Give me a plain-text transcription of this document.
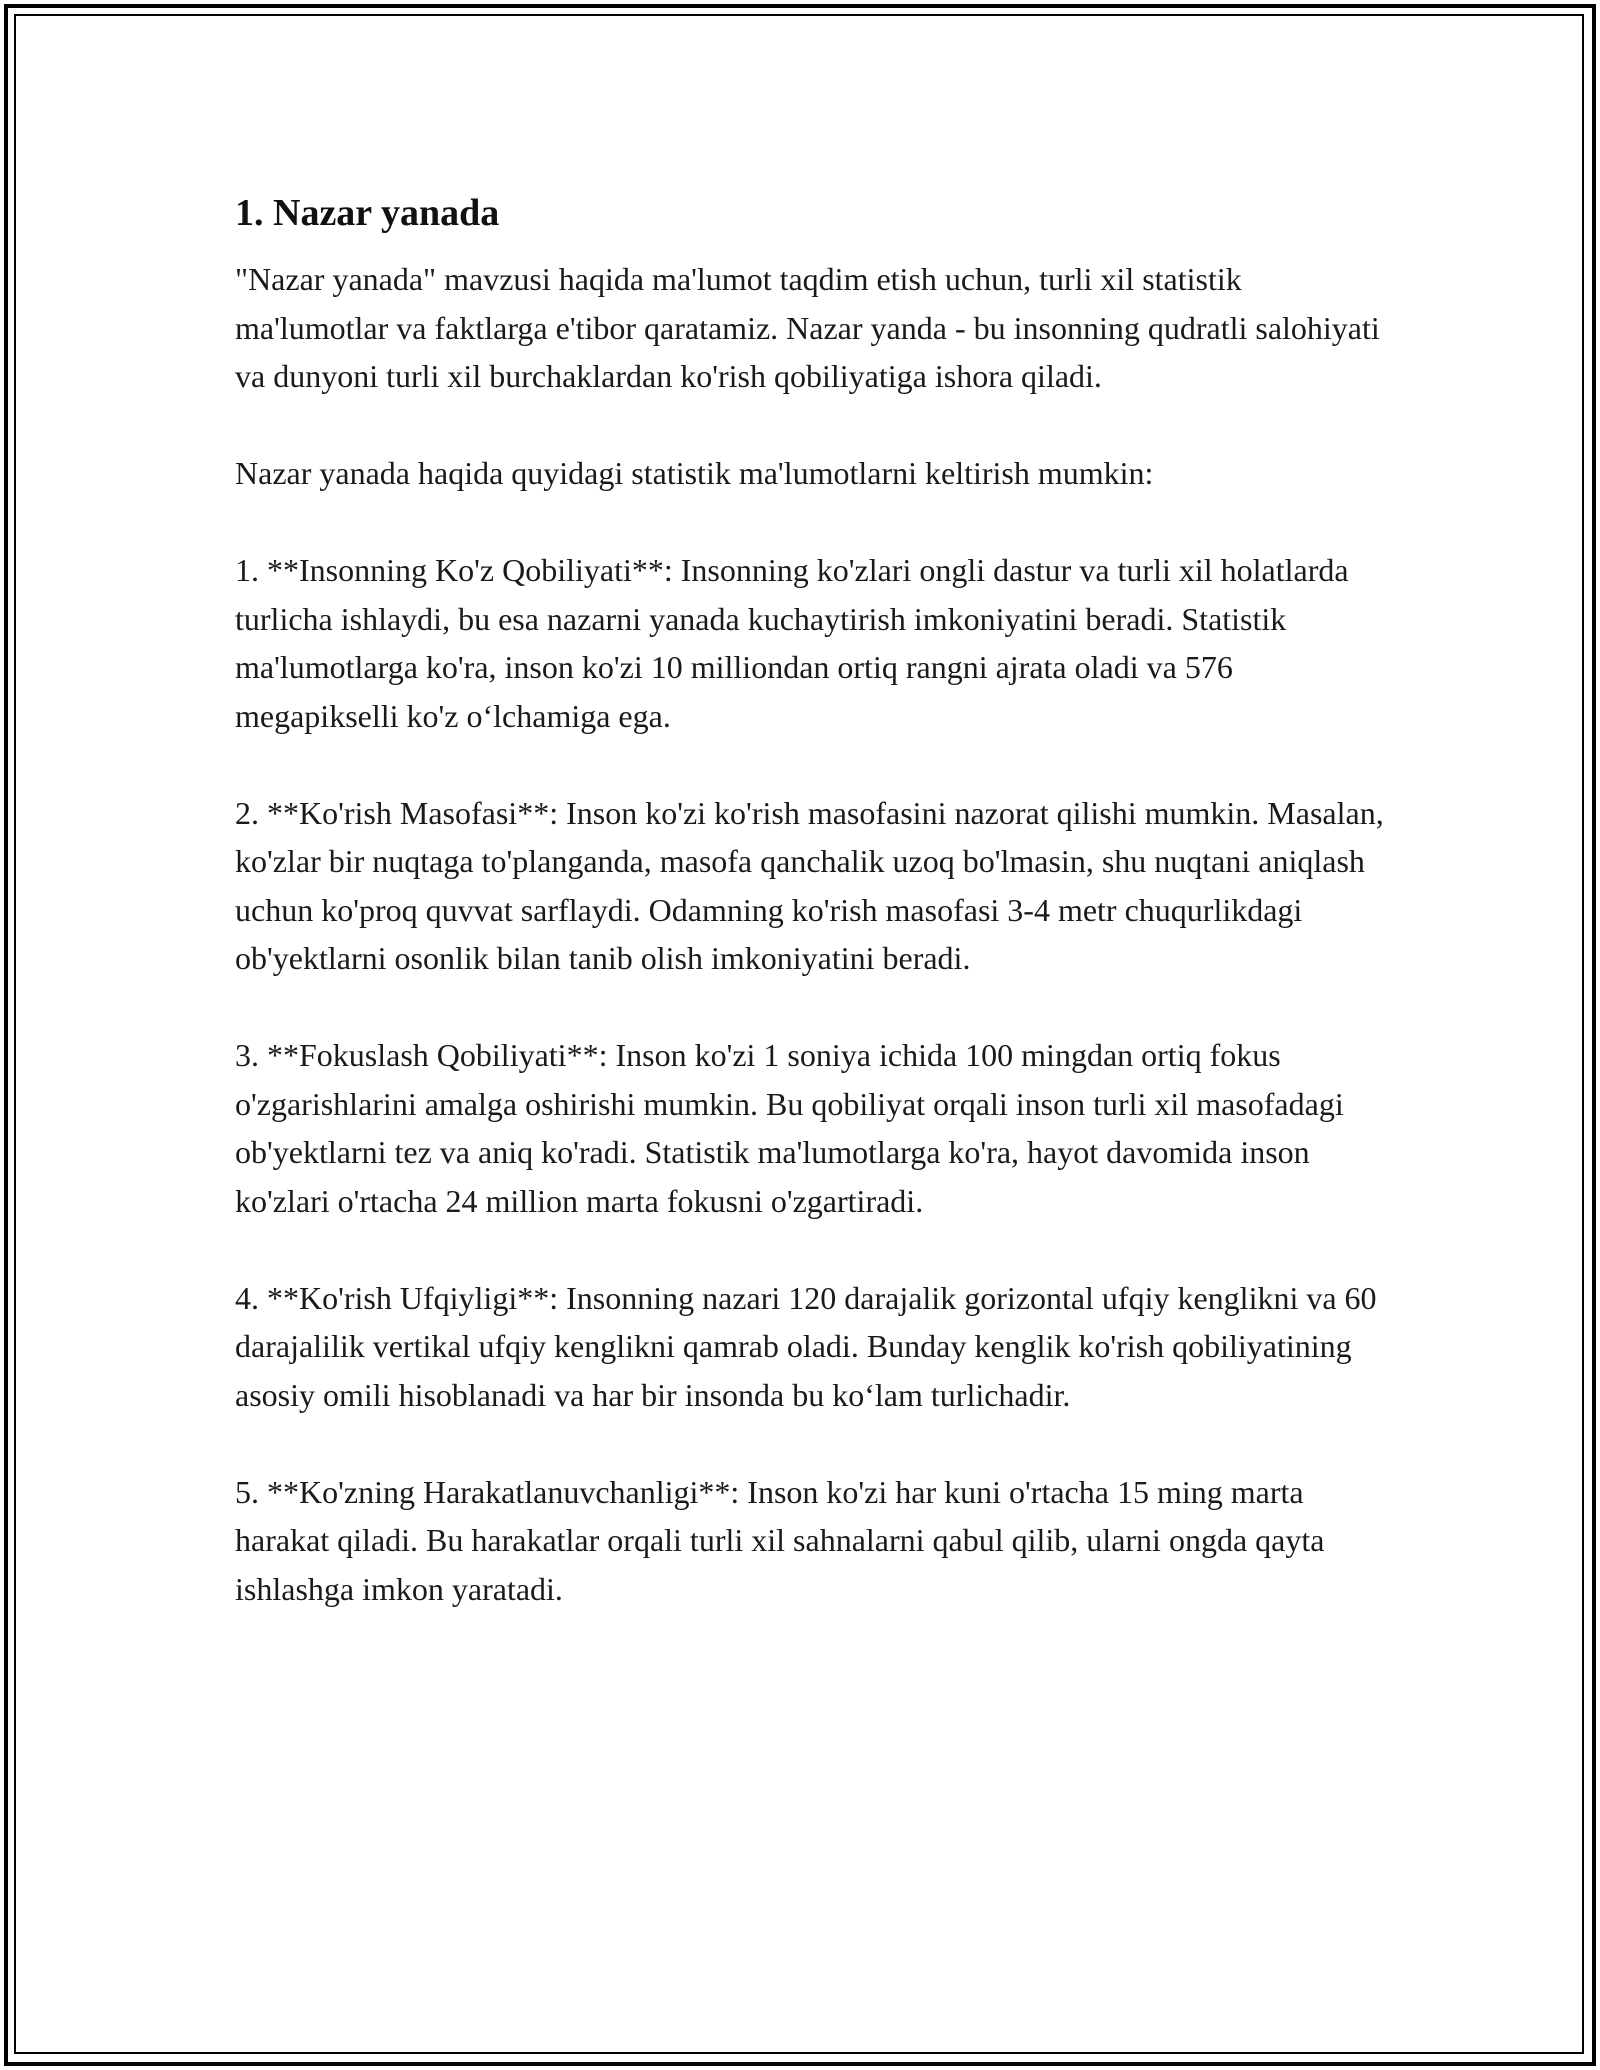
1. Nazar yanada

"Nazar yanada" mavzusi haqida ma'lumot taqdim etish uchun, turli xil statistik ma'lumotlar va faktlarga e'tibor qaratamiz. Nazar yanda - bu insonning qudratli salohiyati va dunyoni turli xil burchaklardan ko'rish qobiliyatiga ishora qiladi.

Nazar yanada haqida quyidagi statistik ma'lumotlarni keltirish mumkin:

1. **Insonning Ko'z Qobiliyati**: Insonning ko'zlari ongli dastur va turli xil holatlarda turlicha ishlaydi, bu esa nazarni yanada kuchaytirish imkoniyatini beradi. Statistik ma'lumotlarga ko'ra, inson ko'zi 10 milliondan ortiq rangni ajrata oladi va 576 megapikselli ko'z o‘lchamiga ega.

2. **Ko'rish Masofasi**: Inson ko'zi ko'rish masofasini nazorat qilishi mumkin. Masalan, ko'zlar bir nuqtaga to'planganda, masofa qanchalik uzoq bo'lmasin, shu nuqtani aniqlash uchun ko'proq quvvat sarflaydi. Odamning ko'rish masofasi 3-4 metr chuqurlikdagi ob'yektlarni osonlik bilan tanib olish imkoniyatini beradi.

3. **Fokuslash Qobiliyati**: Inson ko'zi 1 soniya ichida 100 mingdan ortiq fokus o'zgarishlarini amalga oshirishi mumkin. Bu qobiliyat orqali inson turli xil masofadagi ob'yektlarni tez va aniq ko'radi. Statistik ma'lumotlarga ko'ra, hayot davomida inson ko'zlari o'rtacha 24 million marta fokusni o'zgartiradi.

4. **Ko'rish Ufqiyligi**: Insonning nazari 120 darajalik gorizontal ufqiy kenglikni va 60 darajalilik vertikal ufqiy kenglikni qamrab oladi. Bunday kenglik ko'rish qobiliyatining asosiy omili hisoblanadi va har bir insonda bu ko‘lam turlichadir.

5. **Ko'zning Harakatlanuvchanligi**: Inson ko'zi har kuni o'rtacha 15 ming marta harakat qiladi. Bu harakatlar orqali turli xil sahnalarni qabul qilib, ularni ongda qayta ishlashga imkon yaratadi.
